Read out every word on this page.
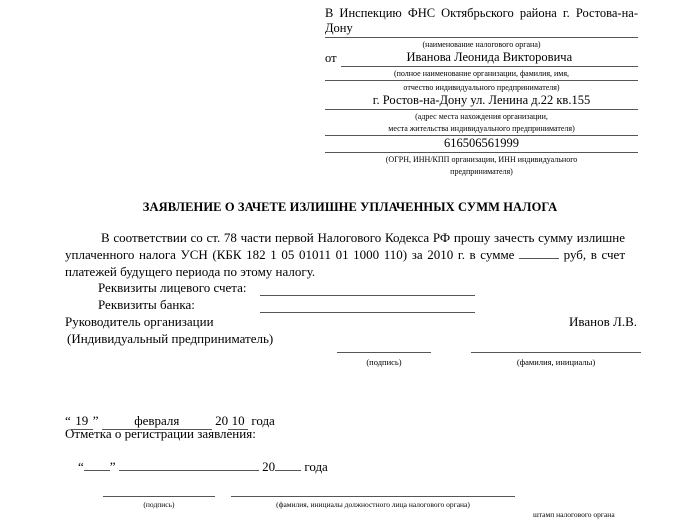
В Инспекцию ФНС Октябрьского района г. Ростова-на-Дону
(наименование налогового органа)
от	Иванова Леонида Викторовича
(полное наименование организации, фамилия, имя,
отчество индивидуального предпринимателя)
г. Ростов-на-Дону ул. Ленина д.22 кв.155
(адрес места нахождения организации,
места жительства индивидуального предпринимателя)
616506561999
(ОГРН, ИНН/КПП организации, ИНН индивидуального
предпринимателя)
ЗАЯВЛЕНИЕ О ЗАЧЕТЕ ИЗЛИШНЕ УПЛАЧЕННЫХ СУММ НАЛОГА
В соответствии со ст. 78 части первой Налогового Кодекса РФ прошу зачесть сумму излишне уплаченного налога УСН (КБК 182 1 05 01011 01 1000 110) за 2010 г. в сумме	руб, в счет платежей будущего периода по этому налогу.
Реквизиты лицевого счета:
Реквизиты банка:
Руководитель организации	Иванов Л.В.
(Индивидуальный предприниматель)
(подпись)	(фамилия, инициалы)
“ 19 ”	февраля	20 10 года
Отметка о регистрации заявления:
“ ”	20 года
(подпись)	(фамилия, инициалы должностного лица налогового органа)
штамп налогового органа
